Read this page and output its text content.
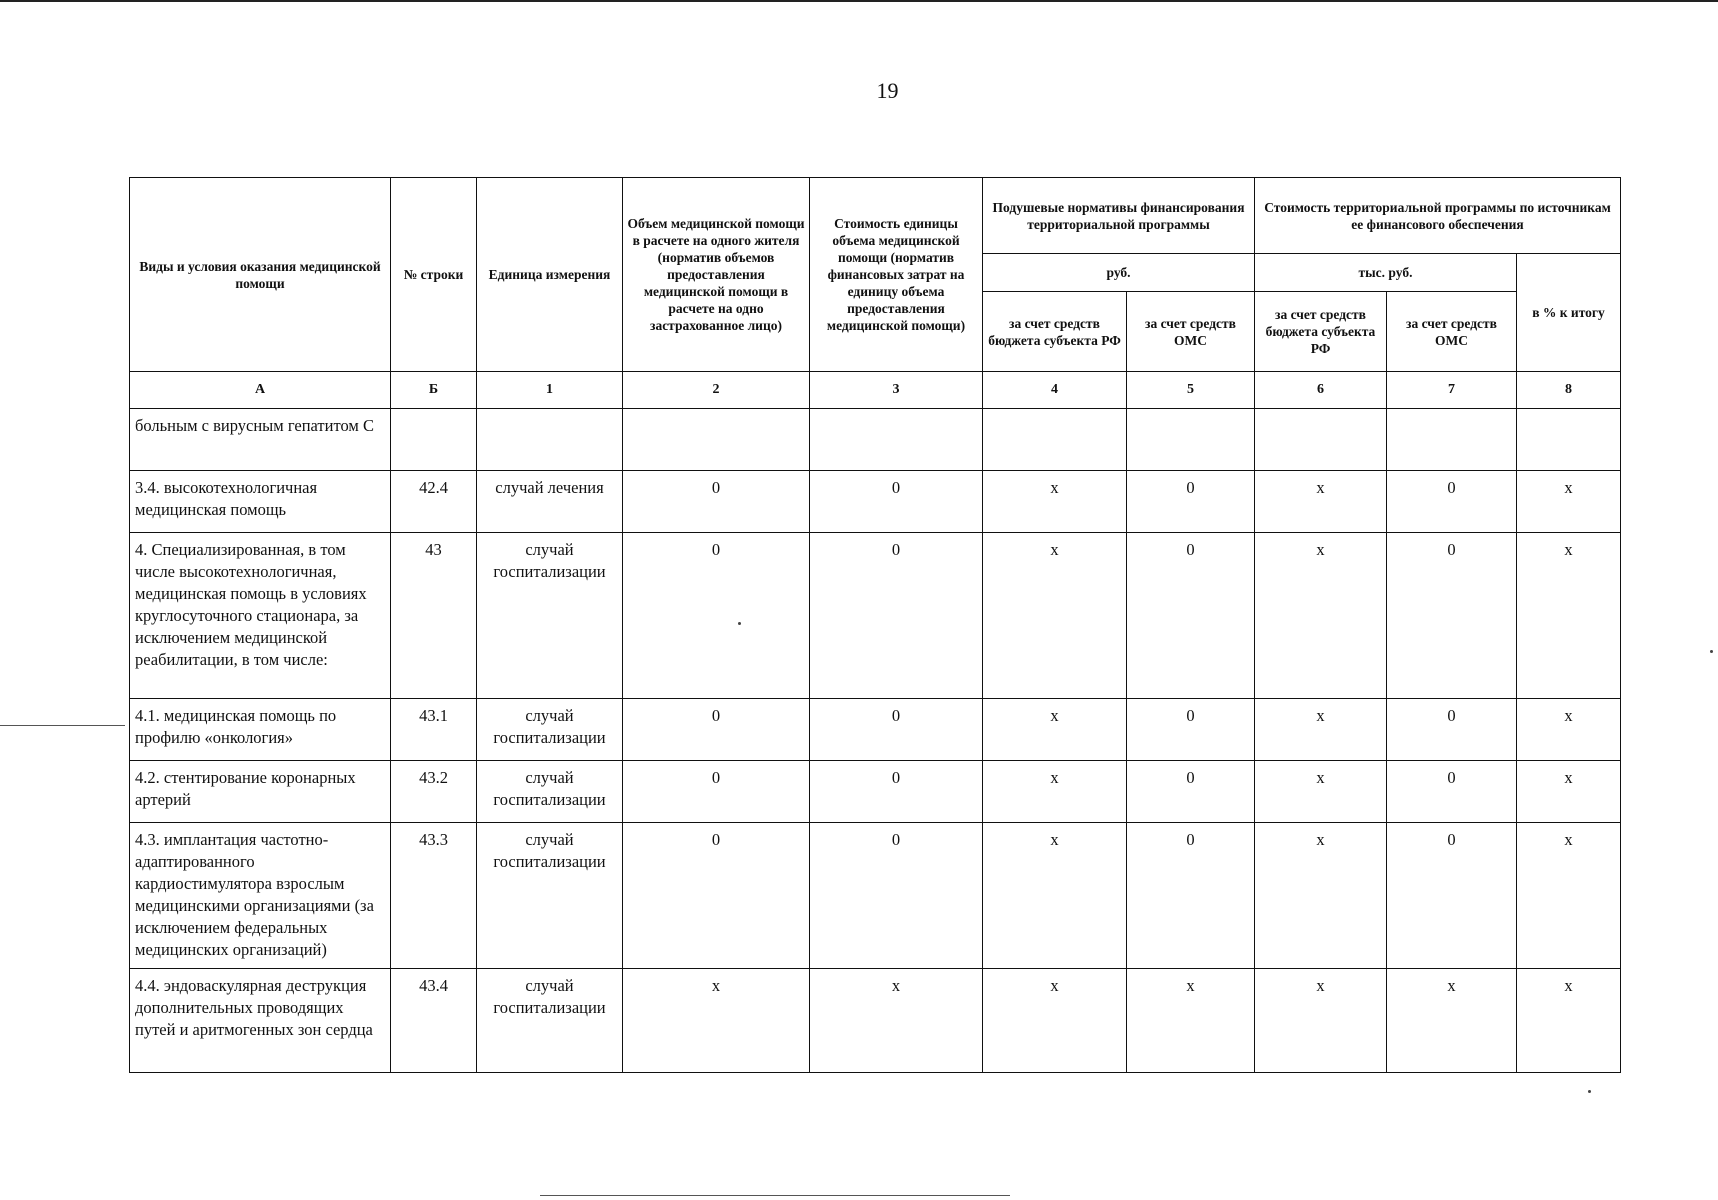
19
Виды и условия оказания медицинской помощи	№ строки	Единица измерения	Объем медицинской помощи в расчете на одного жителя (норматив объемов предоставления медицинской помощи в расчете на одно застрахованное лицо)	Стоимость единицы объема медицинской помощи (норматив финансовых затрат на единицу объема предоставления медицинской помощи)	Подушевые нормативы финансирования территориальной программы		Стоимость территориальной программы по источникам ее финансового обеспечения		
					руб.		тыс. руб.		в % к итогу
					за счет средств бюджета субъекта РФ	за счет средств ОМС	за счет средств бюджета субъекта РФ	за счет средств ОМС	
А	Б	1	2	3	4	5	6	7	8
больным с вирусным гепатитом С									
3.4. высокотехнологичная медицинская помощь	42.4	случай лечения	0	0	x	0	x	0	x
4. Специализированная, в том числе высокотехнологичная, медицинская помощь в условиях круглосуточного стационара, за исключением медицинской реабилитации, в том числе:	43	случай госпитализации	0	0	x	0	x	0	x
4.1. медицинская помощь по профилю «онкология»	43.1	случай госпитализации	0	0	x	0	x	0	x
4.2. стентирование коронарных артерий	43.2	случай госпитализации	0	0	x	0	x	0	x
4.3. имплантация частотно-адаптированного кардиостимулятора взрослым медицинскими организациями (за исключением федеральных медицинских организаций)	43.3	случай госпитализации	0	0	x	0	x	0	x
4.4. эндоваскулярная деструкция дополнительных проводящих путей и аритмогенных зон сердца	43.4	случай госпитализации	x	x	x	x	x	x	x
